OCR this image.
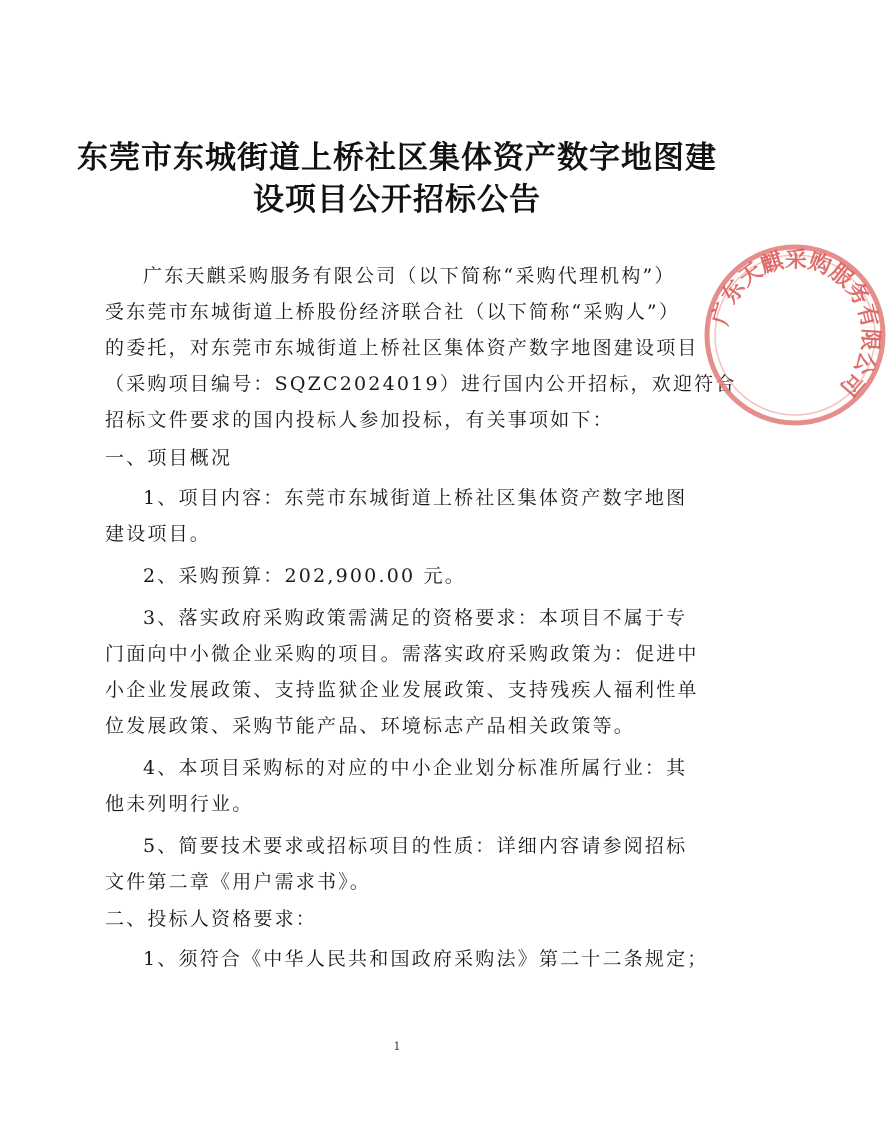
东莞市东城街道上桥社区集体资产数字地图建
设项目公开招标公告
广东天麒采购服务有限公司（以下简称“采购代理机构”）
受东莞市东城街道上桥股份经济联合社（以下简称“采购人”）
的委托，对东莞市东城街道上桥社区集体资产数字地图建设项目
（采购项目编号：SQZC2024019）进行国内公开招标，欢迎符合
招标文件要求的国内投标人参加投标，有关事项如下：
一、项目概况
1、项目内容：东莞市东城街道上桥社区集体资产数字地图
建设项目。
2、采购预算：202,900.00 元。
3、落实政府采购政策需满足的资格要求：本项目不属于专
门面向中小微企业采购的项目。需落实政府采购政策为：促进中
小企业发展政策、支持监狱企业发展政策、支持残疾人福利性单
位发展政策、采购节能产品、环境标志产品相关政策等。
4、本项目采购标的对应的中小企业划分标准所属行业：其
他未列明行业。
5、简要技术要求或招标项目的性质：详细内容请参阅招标
文件第二章《用户需求书》。
二、投标人资格要求：
1、须符合《中华人民共和国政府采购法》第二十二条规定；
1
广东天麒采购服务有限公司
